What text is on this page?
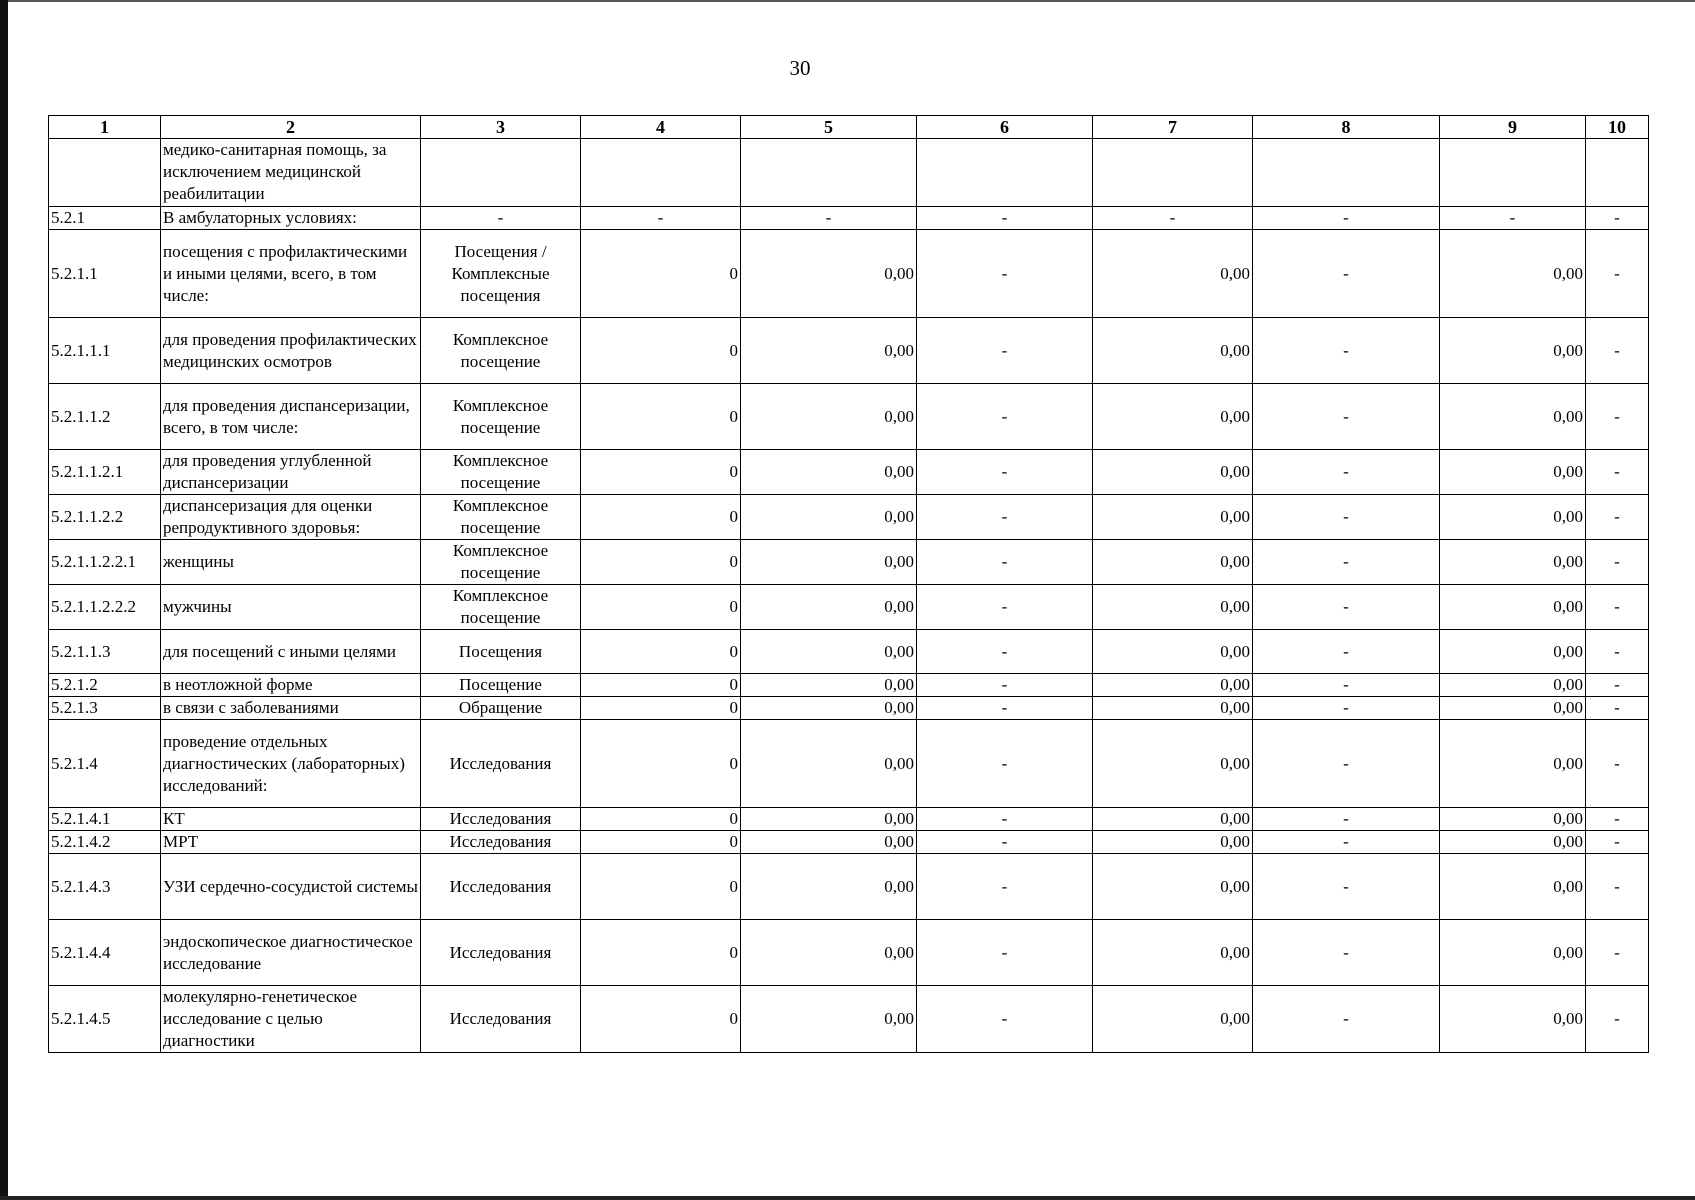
30
1	2	3	4	5	6	7	8	9	10
	медико-санитарная помощь, за исключением медицинской реабилитации								
5.2.1	В амбулаторных условиях:	-	-	-	-	-	-	-	-
5.2.1.1	посещения с профилактическими и иными целями, всего, в том числе:	Посещения / Комплексные посещения	0	0,00	-	0,00	-	0,00	-
5.2.1.1.1	для проведения профилактических медицинских осмотров	Комплексное посещение	0	0,00	-	0,00	-	0,00	-
5.2.1.1.2	для проведения диспансеризации, всего, в том числе:	Комплексное посещение	0	0,00	-	0,00	-	0,00	-
5.2.1.1.2.1	для проведения углубленной диспансеризации	Комплексное посещение	0	0,00	-	0,00	-	0,00	-
5.2.1.1.2.2	диспансеризация для оценки репродуктивного здоровья:	Комплексное посещение	0	0,00	-	0,00	-	0,00	-
5.2.1.1.2.2.1	женщины	Комплексное посещение	0	0,00	-	0,00	-	0,00	-
5.2.1.1.2.2.2	мужчины	Комплексное посещение	0	0,00	-	0,00	-	0,00	-
5.2.1.1.3	для посещений с иными целями	Посещения	0	0,00	-	0,00	-	0,00	-
5.2.1.2	в неотложной форме	Посещение	0	0,00	-	0,00	-	0,00	-
5.2.1.3	в связи с заболеваниями	Обращение	0	0,00	-	0,00	-	0,00	-
5.2.1.4	проведение отдельных диагностических (лабораторных) исследований:	Исследования	0	0,00	-	0,00	-	0,00	-
5.2.1.4.1	КТ	Исследования	0	0,00	-	0,00	-	0,00	-
5.2.1.4.2	МРТ	Исследования	0	0,00	-	0,00	-	0,00	-
5.2.1.4.3	УЗИ сердечно-сосудистой системы	Исследования	0	0,00	-	0,00	-	0,00	-
5.2.1.4.4	эндоскопическое диагностическое исследование	Исследования	0	0,00	-	0,00	-	0,00	-
5.2.1.4.5	молекулярно-генетическое исследование с целью диагностики	Исследования	0	0,00	-	0,00	-	0,00	-
